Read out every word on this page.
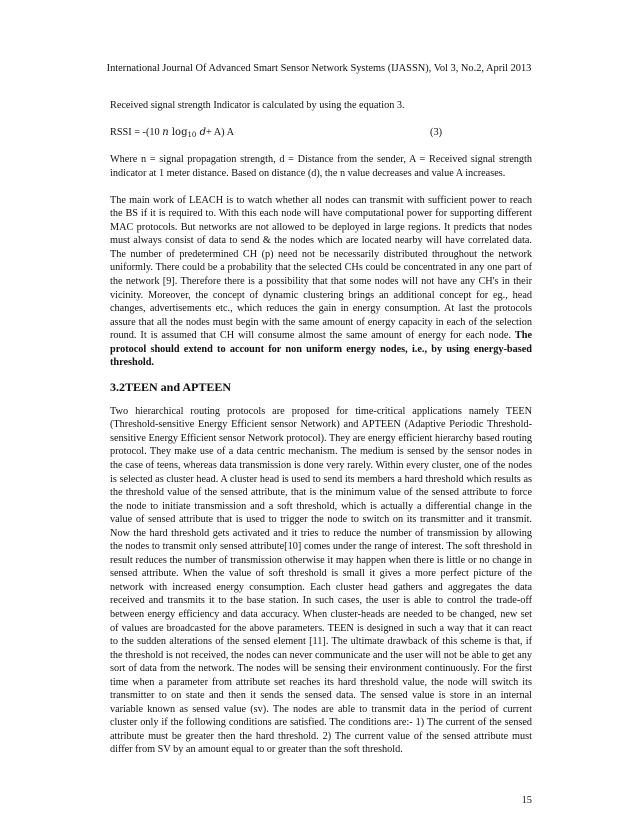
International Journal Of Advanced Smart Sensor Network Systems (IJASSN), Vol 3, No.2, April 2013

Received signal strength Indicator is calculated by using the equation 3.

RSSI = -(10 n $\log_{10} d+ A$) A	(3)

Where n = signal propagation strength, d = Distance from the sender, A = Received signal strength indicator at 1 meter distance. Based on distance (d), the n value decreases and value A increases.

The main work of LEACH is to watch whether all nodes can transmit with sufficient power to reach the BS if it is required to. With this each node will have computational power for supporting different MAC protocols. But networks are not allowed to be deployed in large regions. It predicts that nodes must always consist of data to send & the nodes which are located nearby will have correlated data. The number of predetermined CH (p) need not be necessarily distributed throughout the network uniformly. There could be a probability that the selected CHs could be concentrated in any one part of the network [9]. Therefore there is a possibility that that some nodes will not have any CH's in their vicinity. Moreover, the concept of dynamic clustering brings an additional concept for eg., head changes, advertisements etc., which reduces the gain in energy consumption. At last the protocols assure that all the nodes must begin with the same amount of energy capacity in each of the selection round. It is assumed that CH will consume almost the same amount of energy for each node. The protocol should extend to account for non uniform energy nodes, i.e., by using energy-based threshold.

3.2TEEN and APTEEN

Two hierarchical routing protocols are proposed for time-critical applications namely TEEN (Threshold-sensitive Energy Efficient sensor Network) and APTEEN (Adaptive Periodic Threshold-sensitive Energy Efficient sensor Network protocol). They are energy efficient hierarchy based routing protocol. They make use of a data centric mechanism. The medium is sensed by the sensor nodes in the case of teens, whereas data transmission is done very rarely. Within every cluster, one of the nodes is selected as cluster head. A cluster head is used to send its members a hard threshold which results as the threshold value of the sensed attribute, that is the minimum value of the sensed attribute to force the node to initiate transmission and a soft threshold, which is actually a differential change in the value of sensed attribute that is used to trigger the node to switch on its transmitter and it transmit. Now the hard threshold gets activated and it tries to reduce the number of transmission by allowing the nodes to transmit only sensed attribute[10] comes under the range of interest. The soft threshold in result reduces the number of transmission otherwise it may happen when there is little or no change in sensed attribute. When the value of soft threshold is small it gives a more perfect picture of the network with increased energy consumption. Each cluster head gathers and aggregates the data received and transmits it to the base station. In such cases, the user is able to control the trade-off between energy efficiency and data accuracy. When cluster-heads are needed to be changed, new set of values are broadcasted for the above parameters. TEEN is designed in such a way that it can react to the sudden alterations of the sensed element [11]. The ultimate drawback of this scheme is that, if the threshold is not received, the nodes can never communicate and the user will not be able to get any sort of data from the network. The nodes will be sensing their environment continuously. For the first time when a parameter from attribute set reaches its hard threshold value, the node will switch its transmitter to on state and then it sends the sensed data. The sensed value is store in an internal variable known as sensed value (sv). The nodes are able to transmit data in the period of current cluster only if the following conditions are satisfied. The conditions are:- 1) The current of the sensed attribute must be greater then the hard threshold. 2) The current value of the sensed attribute must differ from SV by an amount equal to or greater than the soft threshold.

15
